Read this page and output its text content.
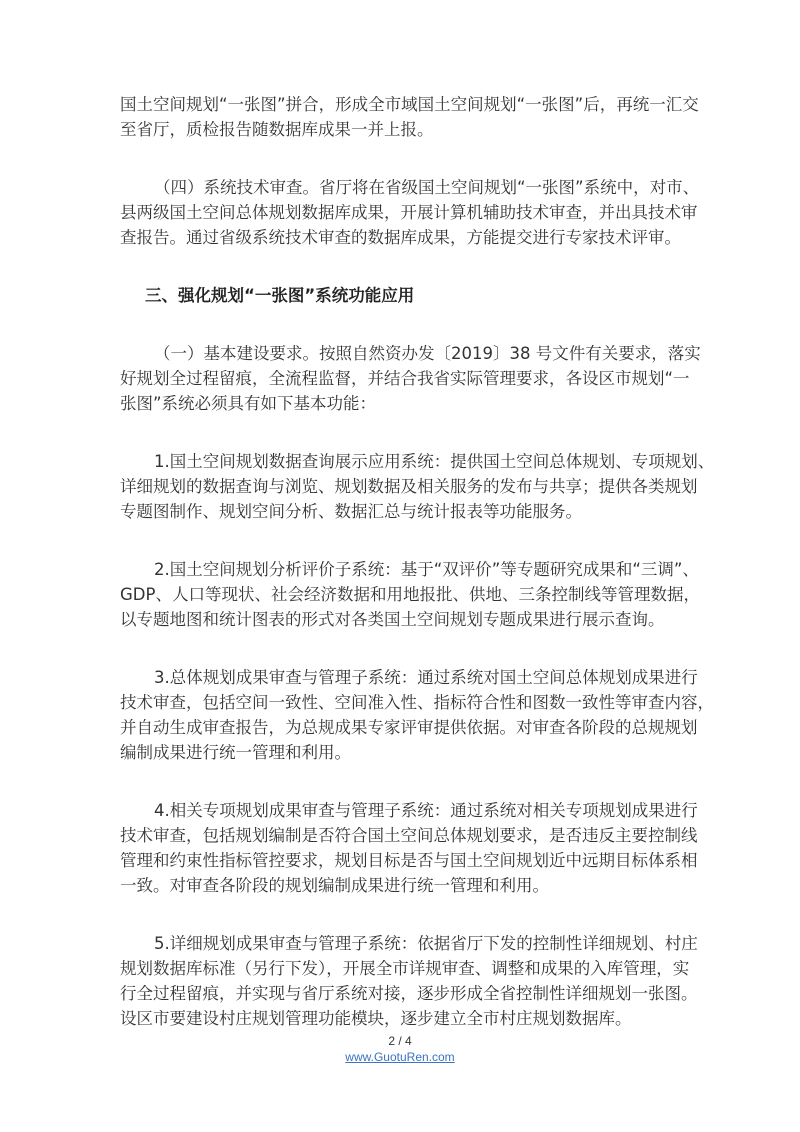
国土空间规划“一张图”拼合，形成全市域国土空间规划“一张图”后，再统一汇交
至省厅，质检报告随数据库成果一并上报。
（四）系统技术审查。省厅将在省级国土空间规划“一张图”系统中，对市、
县两级国土空间总体规划数据库成果，开展计算机辅助技术审查，并出具技术审
查报告。通过省级系统技术审查的数据库成果，方能提交进行专家技术评审。
三、强化规划“一张图”系统功能应用
（一）基本建设要求。按照自然资办发〔2019〕38 号文件有关要求，落实
好规划全过程留痕，全流程监督，并结合我省实际管理要求，各设区市规划“一
张图”系统必须具有如下基本功能：
1.国土空间规划数据查询展示应用系统：提供国土空间总体规划、专项规划、
详细规划的数据查询与浏览、规划数据及相关服务的发布与共享；提供各类规划
专题图制作、规划空间分析、数据汇总与统计报表等功能服务。
2.国土空间规划分析评价子系统：基于“双评价”等专题研究成果和“三调”、
GDP、人口等现状、社会经济数据和用地报批、供地、三条控制线等管理数据，
以专题地图和统计图表的形式对各类国土空间规划专题成果进行展示查询。
3.总体规划成果审查与管理子系统：通过系统对国土空间总体规划成果进行
技术审查，包括空间一致性、空间准入性、指标符合性和图数一致性等审查内容，
并自动生成审查报告，为总规成果专家评审提供依据。对审查各阶段的总规规划
编制成果进行统一管理和利用。
4.相关专项规划成果审查与管理子系统：通过系统对相关专项规划成果进行
技术审查，包括规划编制是否符合国土空间总体规划要求，是否违反主要控制线
管理和约束性指标管控要求，规划目标是否与国土空间规划近中远期目标体系相
一致。对审查各阶段的规划编制成果进行统一管理和利用。
5.详细规划成果审查与管理子系统：依据省厅下发的控制性详细规划、村庄
规划数据库标准（另行下发），开展全市详规审查、调整和成果的入库管理，实
行全过程留痕，并实现与省厅系统对接，逐步形成全省控制性详细规划一张图。
设区市要建设村庄规划管理功能模块，逐步建立全市村庄规划数据库。
2 / 4
www.GuotuRen.com
